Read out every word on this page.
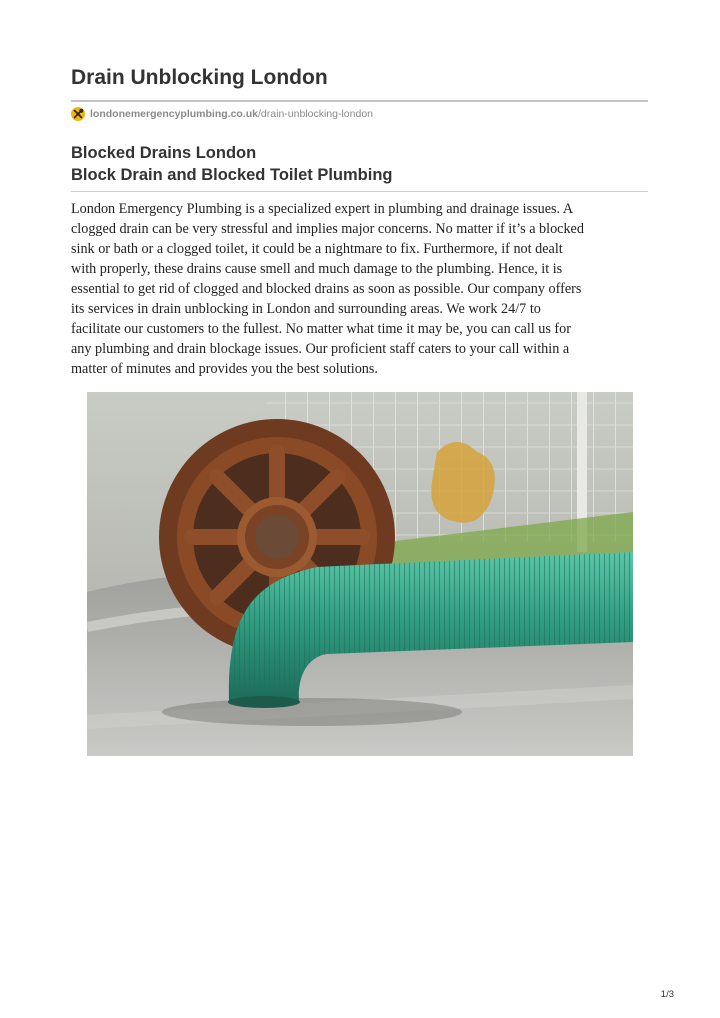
Drain Unblocking London
londonemergencyplumbing.co.uk /drain-unblocking-london
Blocked Drains London
Block Drain and Blocked Toilet Plumbing
London Emergency Plumbing is a specialized expert in plumbing and drainage issues. A
clogged drain can be very stressful and implies major concerns. No matter if it’s a blocked
sink or bath or a clogged toilet, it could be a nightmare to fix. Furthermore, if not dealt
with properly, these drains cause smell and much damage to the plumbing. Hence, it is
essential to get rid of clogged and blocked drains as soon as possible. Our company offers
its services in drain unblocking in London and surrounding areas. We work 24/7 to
facilitate our customers to the fullest. No matter what time it may be, you can call us for
any plumbing and drain blockage issues. Our proficient staff caters to your call within a
matter of minutes and provides you the best solutions.
1/3
